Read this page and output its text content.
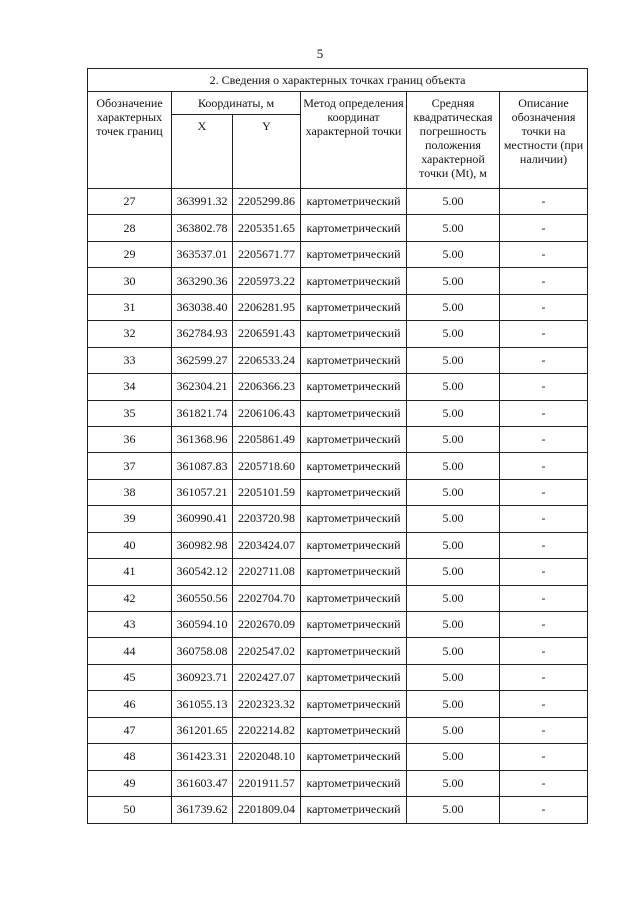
5
2. Сведения о характерных точках границ объекта					
Обозначение характерных точек границ	Координаты, м		Метод определения координат характерной точки	Средняя квадратическая погрешность положения характерной точки (Mt), м	Описание обозначения точки на местности (при наличии)
	X	Y			
27	363991.32	2205299.86	картометрический	5.00	-
28	363802.78	2205351.65	картометрический	5.00	-
29	363537.01	2205671.77	картометрический	5.00	-
30	363290.36	2205973.22	картометрический	5.00	-
31	363038.40	2206281.95	картометрический	5.00	-
32	362784.93	2206591.43	картометрический	5.00	-
33	362599.27	2206533.24	картометрический	5.00	-
34	362304.21	2206366.23	картометрический	5.00	-
35	361821.74	2206106.43	картометрический	5.00	-
36	361368.96	2205861.49	картометрический	5.00	-
37	361087.83	2205718.60	картометрический	5.00	-
38	361057.21	2205101.59	картометрический	5.00	-
39	360990.41	2203720.98	картометрический	5.00	-
40	360982.98	2203424.07	картометрический	5.00	-
41	360542.12	2202711.08	картометрический	5.00	-
42	360550.56	2202704.70	картометрический	5.00	-
43	360594.10	2202670.09	картометрический	5.00	-
44	360758.08	2202547.02	картометрический	5.00	-
45	360923.71	2202427.07	картометрический	5.00	-
46	361055.13	2202323.32	картометрический	5.00	-
47	361201.65	2202214.82	картометрический	5.00	-
48	361423.31	2202048.10	картометрический	5.00	-
49	361603.47	2201911.57	картометрический	5.00	-
50	361739.62	2201809.04	картометрический	5.00	-
